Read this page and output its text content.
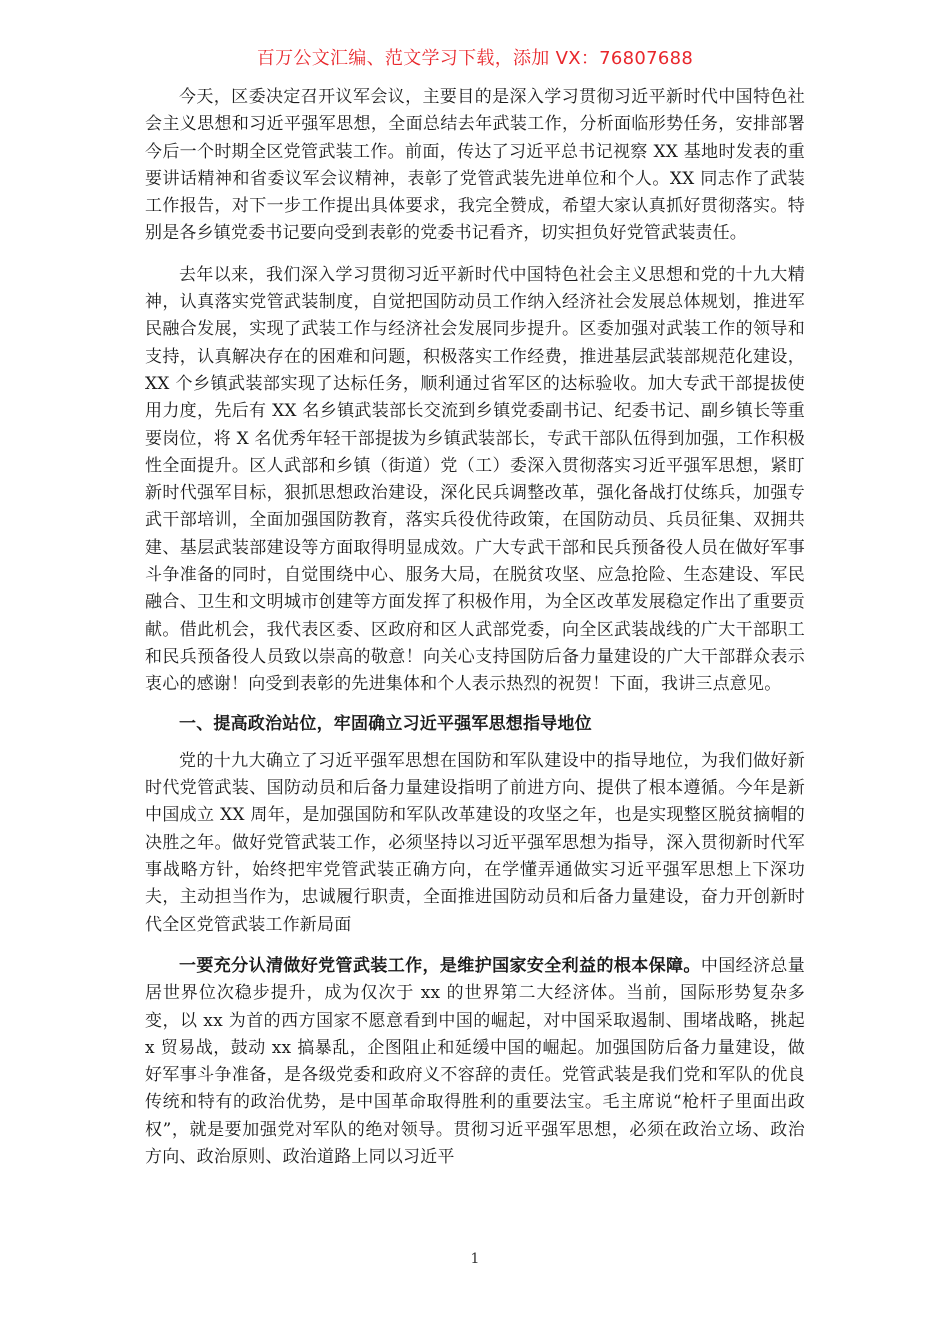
百万公文汇编、范文学习下载，添加 VX：76807688

今天，区委决定召开议军会议，主要目的是深入学习贯彻习近平新时代中国特色社会主义思想和习近平强军思想，全面总结去年武装工作，分析面临形势任务，安排部署今后一个时期全区党管武装工作。前面，传达了习近平总书记视察 XX 基地时发表的重要讲话精神和省委议军会议精神，表彰了党管武装先进单位和个人。XX 同志作了武装工作报告，对下一步工作提出具体要求，我完全赞成，希望大家认真抓好贯彻落实。特别是各乡镇党委书记要向受到表彰的党委书记看齐，切实担负好党管武装责任。

去年以来，我们深入学习贯彻习近平新时代中国特色社会主义思想和党的十九大精神，认真落实党管武装制度，自觉把国防动员工作纳入经济社会发展总体规划，推进军民融合发展，实现了武装工作与经济社会发展同步提升。区委加强对武装工作的领导和支持，认真解决存在的困难和问题，积极落实工作经费，推进基层武装部规范化建设，XX 个乡镇武装部实现了达标任务，顺利通过省军区的达标验收。加大专武干部提拔使用力度，先后有 XX 名乡镇武装部长交流到乡镇党委副书记、纪委书记、副乡镇长等重要岗位，将 X 名优秀年轻干部提拔为乡镇武装部长，专武干部队伍得到加强，工作积极性全面提升。区人武部和乡镇（街道）党（工）委深入贯彻落实习近平强军思想，紧盯新时代强军目标，狠抓思想政治建设，深化民兵调整改革，强化备战打仗练兵，加强专武干部培训，全面加强国防教育，落实兵役优待政策，在国防动员、兵员征集、双拥共建、基层武装部建设等方面取得明显成效。广大专武干部和民兵预备役人员在做好军事斗争准备的同时，自觉围绕中心、服务大局，在脱贫攻坚、应急抢险、生态建设、军民融合、卫生和文明城市创建等方面发挥了积极作用，为全区改革发展稳定作出了重要贡献。借此机会，我代表区委、区政府和区人武部党委，向全区武装战线的广大干部职工和民兵预备役人员致以崇高的敬意！向关心支持国防后备力量建设的广大干部群众表示衷心的感谢！向受到表彰的先进集体和个人表示热烈的祝贺！下面，我讲三点意见。

一、提高政治站位，牢固确立习近平强军思想指导地位

党的十九大确立了习近平强军思想在国防和军队建设中的指导地位，为我们做好新时代党管武装、国防动员和后备力量建设指明了前进方向、提供了根本遵循。今年是新中国成立 XX 周年，是加强国防和军队改革建设的攻坚之年，也是实现整区脱贫摘帽的决胜之年。做好党管武装工作，必须坚持以习近平强军思想为指导，深入贯彻新时代军事战略方针，始终把牢党管武装正确方向，在学懂弄通做实习近平强军思想上下深功夫，主动担当作为，忠诚履行职责，全面推进国防动员和后备力量建设，奋力开创新时代全区党管武装工作新局面

一要充分认清做好党管武装工作，是维护国家安全利益的根本保障。中国经济总量居世界位次稳步提升，成为仅次于 xx 的世界第二大经济体。当前，国际形势复杂多变，以 xx 为首的西方国家不愿意看到中国的崛起，对中国采取遏制、围堵战略，挑起 x 贸易战，鼓动 xx 搞暴乱，企图阻止和延缓中国的崛起。加强国防后备力量建设，做好军事斗争准备，是各级党委和政府义不容辞的责任。党管武装是我们党和军队的优良传统和特有的政治优势，是中国革命取得胜利的重要法宝。毛主席说“枪杆子里面出政权”，就是要加强党对军队的绝对领导。贯彻习近平强军思想，必须在政治立场、政治方向、政治原则、政治道路上同以习近平

1
